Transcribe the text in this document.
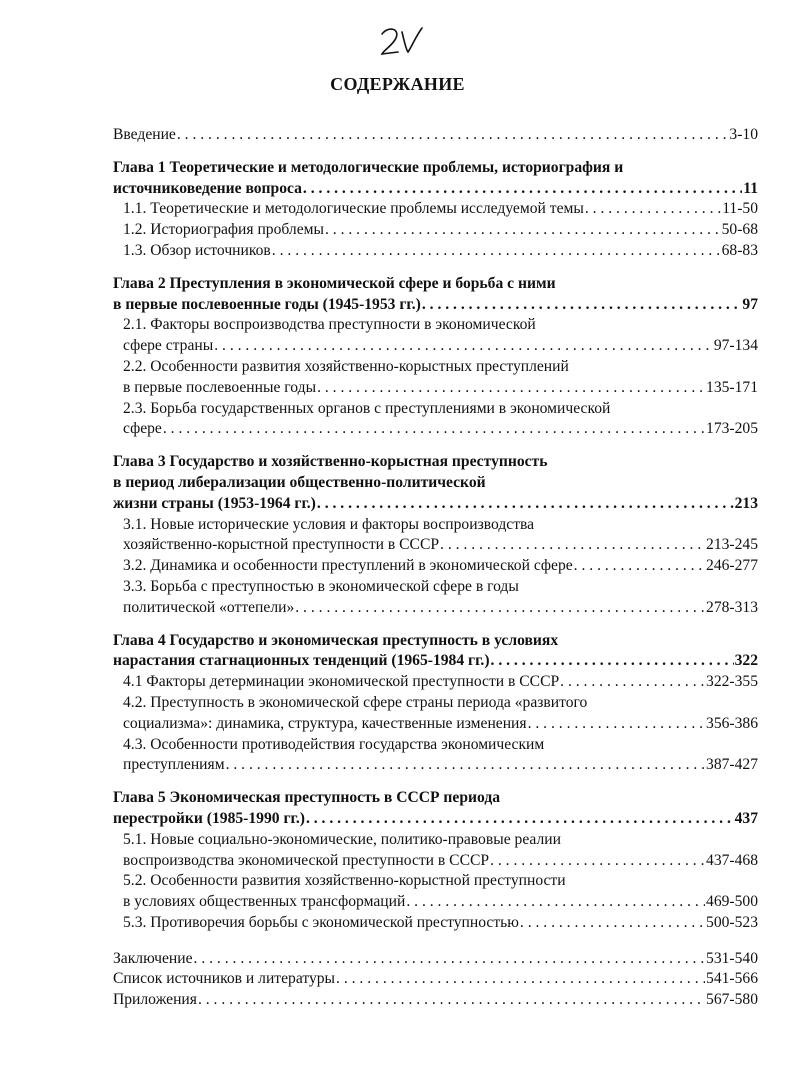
СОДЕРЖАНИЕ
Введение . . .	3-10
Глава 1 Теоретические и методологические проблемы, историография и
источниковедение вопроса . . .	11
1.1. Теоретические и методологические проблемы исследуемой темы . . .	11-50
1.2. Историография проблемы . . .	50-68
1.3. Обзор источников . . .	68-83
Глава 2 Преступления в экономической сфере и борьба с ними
в первые послевоенные годы (1945-1953 гг.) . . .	97
2.1. Факторы воспроизводства преступности в экономической
сфере страны . . .	97-134
2.2. Особенности развития хозяйственно-корыстных преступлений
в первые послевоенные годы . . .	135-171
2.3. Борьба государственных органов с преступлениями в экономической
сфере . . .	173-205
Глава 3 Государство и хозяйственно-корыстная преступность
в период либерализации общественно-политической
жизни страны (1953-1964 гг.) . . .	213
3.1. Новые исторические условия и факторы воспроизводства
хозяйственно-корыстной преступности в СССР . . .	213-245
3.2. Динамика и особенности преступлений в экономической сфере . . .	246-277
3.3. Борьба с преступностью в экономической сфере в годы
политической «оттепели» . . .	278-313
Глава 4 Государство и экономическая преступность в условиях
нарастания стагнационных тенденций (1965-1984 гг.) . . .	322
4.1 Факторы детерминации экономической преступности в СССР . . .	322-355
4.2. Преступность в экономической сфере страны периода «развитого
социализма»: динамика, структура, качественные изменения . . .	356-386
4.3. Особенности противодействия государства экономическим
преступлениям . . .	387-427
Глава 5 Экономическая преступность в СССР периода
перестройки (1985-1990 гг.) . . .	437
5.1. Новые социально-экономические, политико-правовые реалии
воспроизводства экономической преступности в СССР . . .	437-468
5.2. Особенности развития хозяйственно-корыстной преступности
в условиях общественных трансформаций . . .	469-500
5.3. Противоречия борьбы с экономической преступностью . . .	500-523
Заключение . . .	531-540
Список источников и литературы . . .	541-566
Приложения . . .	567-580
